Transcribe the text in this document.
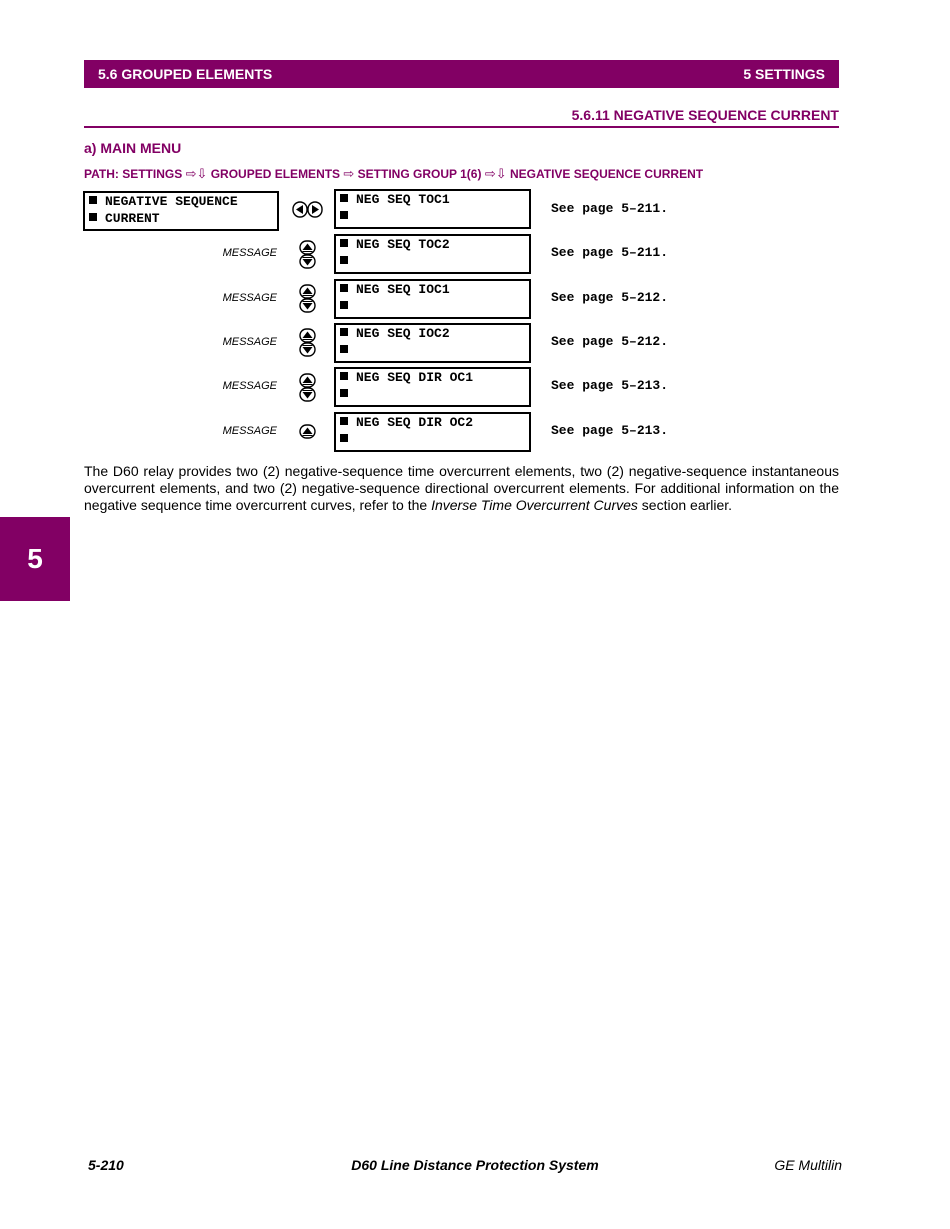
5.6 GROUPED ELEMENTS	5 SETTINGS
5.6.11 NEGATIVE SEQUENCE CURRENT
a) MAIN MENU
PATH: SETTINGS ⇨⇩ GROUPED ELEMENTS ⇨ SETTING GROUP 1(6) ⇨⇩ NEGATIVE SEQUENCE CURRENT
NEGATIVE SEQUENCE
CURRENT
NEG SEQ TOC1
See page 5–211.
MESSAGE
NEG SEQ TOC2
See page 5–211.
MESSAGE
NEG SEQ IOC1
See page 5–212.
MESSAGE
NEG SEQ IOC2
See page 5–212.
MESSAGE
NEG SEQ DIR OC1
See page 5–213.
MESSAGE
NEG SEQ DIR OC2
See page 5–213.
The D60 relay provides two (2) negative-sequence time overcurrent elements, two (2) negative-sequence instantaneous overcurrent elements, and two (2) negative-sequence directional overcurrent elements. For additional information on the negative sequence time overcurrent curves, refer to the Inverse Time Overcurrent Curves section earlier.
5
5-210	D60 Line Distance Protection System	GE Multilin
